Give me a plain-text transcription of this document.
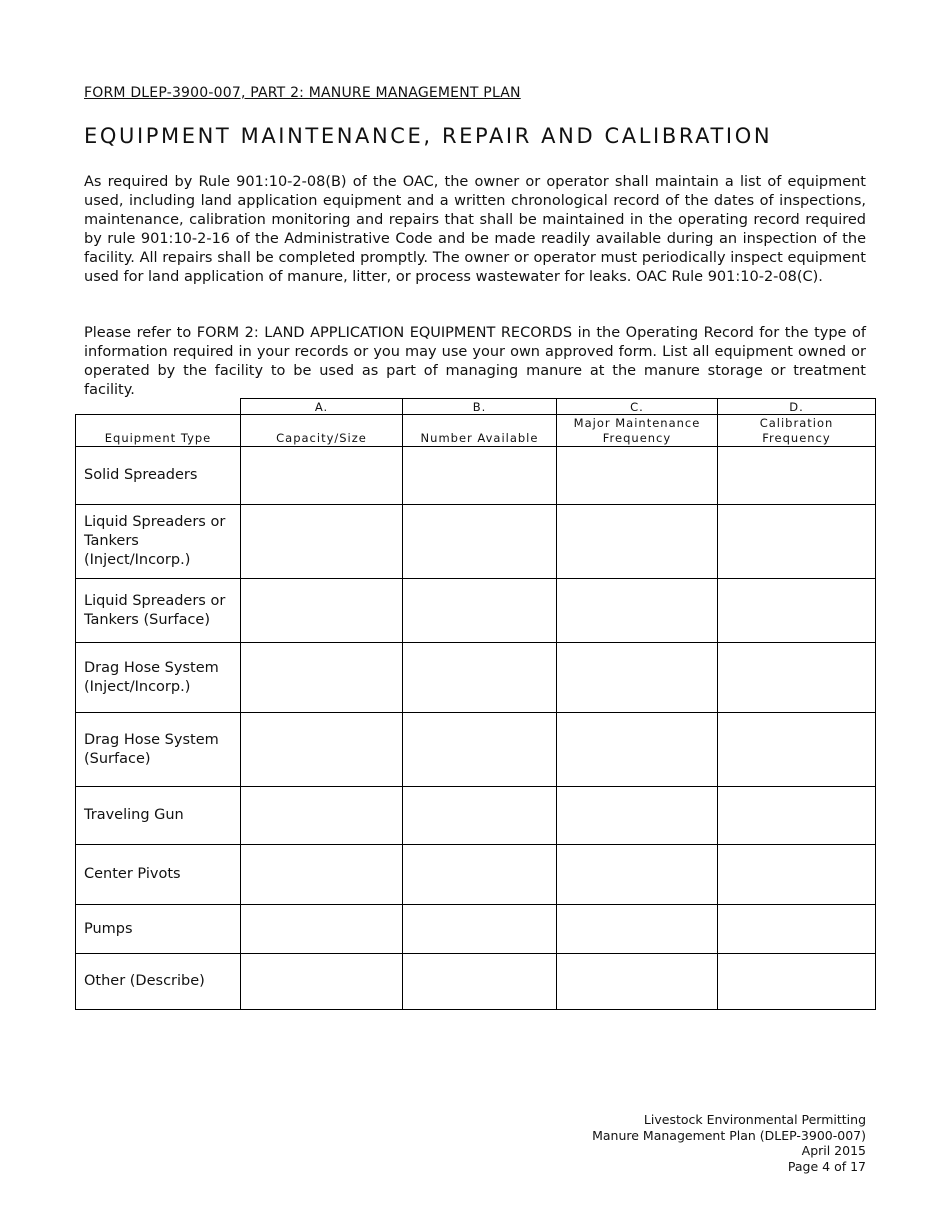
FORM DLEP-3900-007, PART 2: MANURE MANAGEMENT PLAN
EQUIPMENT MAINTENANCE, REPAIR AND CALIBRATION

As required by Rule 901:10-2-08(B) of the OAC, the owner or operator shall maintain a list of equipment used, including land application equipment and a written chronological record of the dates of inspections, maintenance, calibration monitoring and repairs that shall be maintained in the operating record required by rule 901:10-2-16 of the Administrative Code and be made readily available during an inspection of the facility. All repairs shall be completed promptly. The owner or operator must periodically inspect equipment used for land application of manure, litter, or process wastewater for leaks. OAC Rule 901:10-2-08(C).

Please refer to FORM 2: LAND APPLICATION EQUIPMENT RECORDS in the Operating Record for the type of information required in your records or you may use your own approved form. List all equipment owned or operated by the facility to be used as part of managing manure at the manure storage or treatment facility.

	A.	B.	C.	D.
Equipment Type	Capacity/Size	Number Available	Major Maintenance Frequency	Calibration Frequency
Solid Spreaders				
Liquid Spreaders or Tankers (Inject/Incorp.)				
Liquid Spreaders or Tankers (Surface)				
Drag Hose System (Inject/Incorp.)				
Drag Hose System (Surface)				
Traveling Gun				
Center Pivots				
Pumps				
Other (Describe)				
Livestock Environmental Permitting
Manure Management Plan (DLEP-3900-007)
April 2015
Page 4 of 17
